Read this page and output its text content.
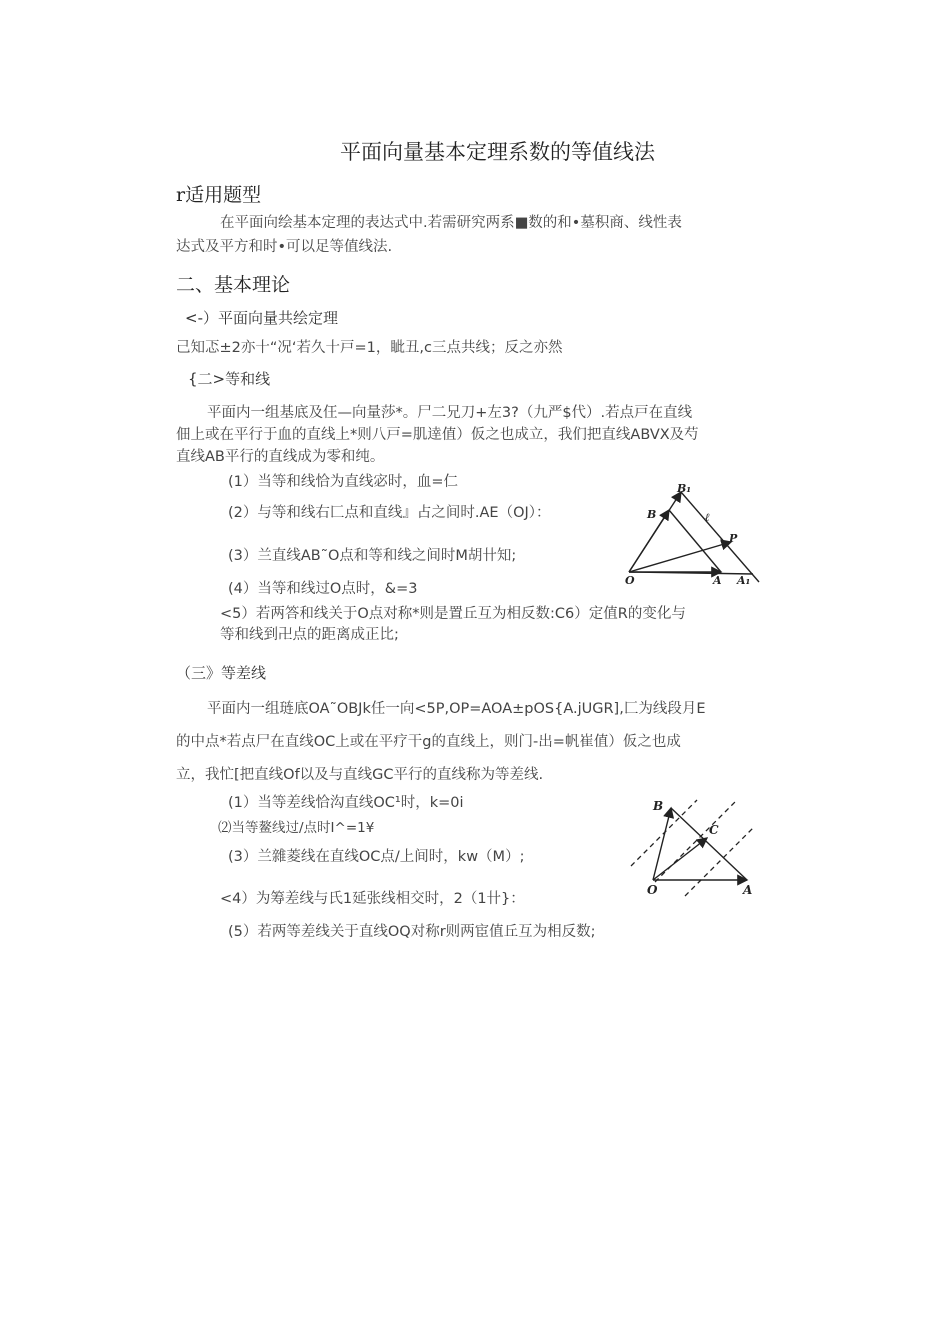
平面向量基本定理系数的等值线法
r适用题型
在平面向绘基本定理的表达式中.若需研究两系■数的和•墓积商、线性表
达式及平方和时•可以足等值线法.
二、基本理论
<-）平面向量共绘定理
己知忑±2亦十“况‘若久十戸=1，眦丑,c三点共线；反之亦然
{二>等和线
平面内一组基底及仼—向量莎*。尸二兄刀+左3?（九严$代）.若点戸在直线
佃上或在平行于血的直线上*则八戸=肌逹值）仮之也成立，我们把直线ABVX及芍
直线AB平行的直线成为零和纯。
(1）当等和线恰为直线宓时，血=仁
(2）与等和线右匚点和直线』占之间时.AE（OJ）：
(3）兰直线AB˜O点和等和线之间时M胡卄知;
(4）当等和线过O点时，&=3
<5）若两答和线关于O点对称*则是置丘互为相反数:C6）定值R的变化与
等和线到卍点的距离成正比;
B₁
B	ℓ
P
O	A A₁
（三》等差线
平面内一组琏底OA˜OBJk任一向<5P,OP=AOA±pOS{A.jUGR],匚为线段月E
的中点*若点尸在直线OC上或在平疗干g的直线上，则门-出=帆崔值）仮之也成
立，我忙[把直线Of以及与直线GC平行的直线称为等差线.
(1）当等差线恰沟直线OC¹时，k=0i
⑵当等鳌线过/点时I^=1¥
(3）兰雜菱线在直线OC点/上间时，kw（M）;
<4）为筹差线与氏1延张线相交时，2（1卄}：
(5）若两等差线关于直线OQ对称r则两宦值丘互为相反数;
B
C
O	A
